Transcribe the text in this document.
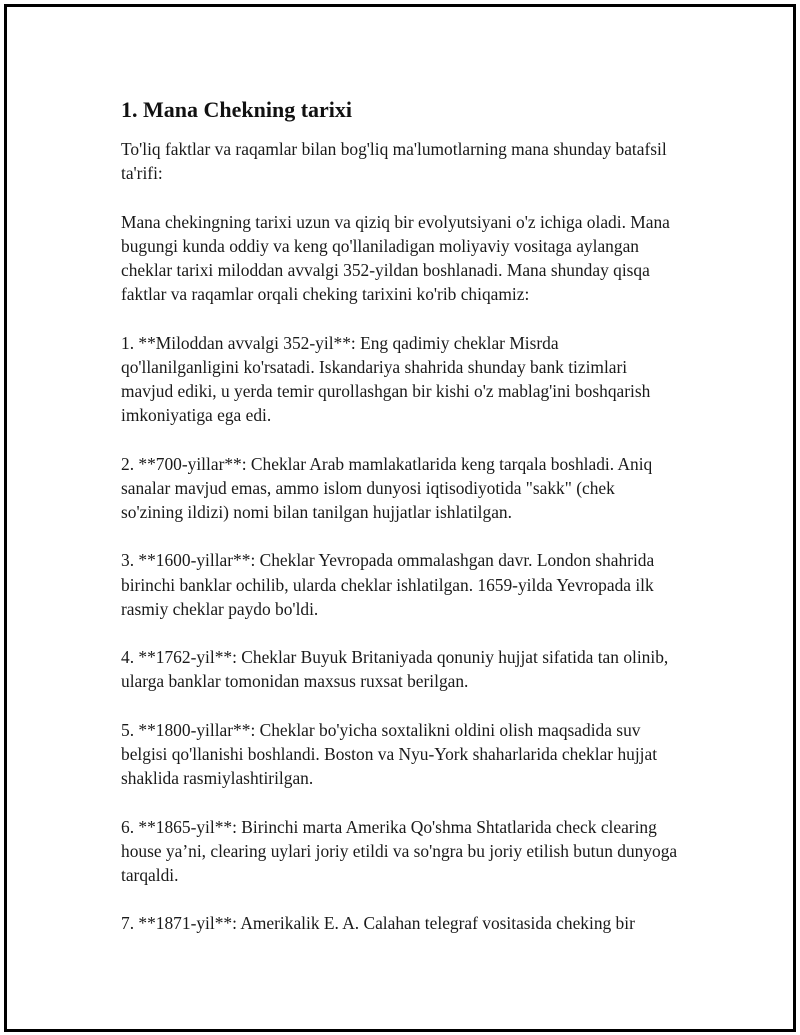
1. Mana Chekning tarixi

To'liq faktlar va raqamlar bilan bog'liq ma'lumotlarning mana shunday batafsil ta'rifi:

Mana chekingning tarixi uzun va qiziq bir evolyutsiyani o'z ichiga oladi. Mana bugungi kunda oddiy va keng qo'llaniladigan moliyaviy vositaga aylangan cheklar tarixi miloddan avvalgi 352-yildan boshlanadi. Mana shunday qisqa faktlar va raqamlar orqali cheking tarixini ko'rib chiqamiz:

1. **Miloddan avvalgi 352-yil**: Eng qadimiy cheklar Misrda qo'llanilganligini ko'rsatadi. Iskandariya shahrida shunday bank tizimlari mavjud ediki, u yerda temir qurollashgan bir kishi o'z mablag'ini boshqarish imkoniyatiga ega edi.

2. **700-yillar**: Cheklar Arab mamlakatlarida keng tarqala boshladi. Aniq sanalar mavjud emas, ammo islom dunyosi iqtisodiyotida "sakk" (chek so'zining ildizi) nomi bilan tanilgan hujjatlar ishlatilgan.

3. **1600-yillar**: Cheklar Yevropada ommalashgan davr. London shahrida birinchi banklar ochilib, ularda cheklar ishlatilgan. 1659-yilda Yevropada ilk rasmiy cheklar paydo bo'ldi.

4. **1762-yil**: Cheklar Buyuk Britaniyada qonuniy hujjat sifatida tan olinib, ularga banklar tomonidan maxsus ruxsat berilgan.

5. **1800-yillar**: Cheklar bo'yicha soxtalikni oldini olish maqsadida suv belgisi qo'llanishi boshlandi. Boston va Nyu-York shaharlarida cheklar hujjat shaklida rasmiylashtirilgan.

6. **1865-yil**: Birinchi marta Amerika Qo'shma Shtatlarida check clearing house ya’ni, clearing uylari joriy etildi va so'ngra bu joriy etilish butun dunyoga tarqaldi.

7. **1871-yil**: Amerikalik E. A. Calahan telegraf vositasida cheking bir
